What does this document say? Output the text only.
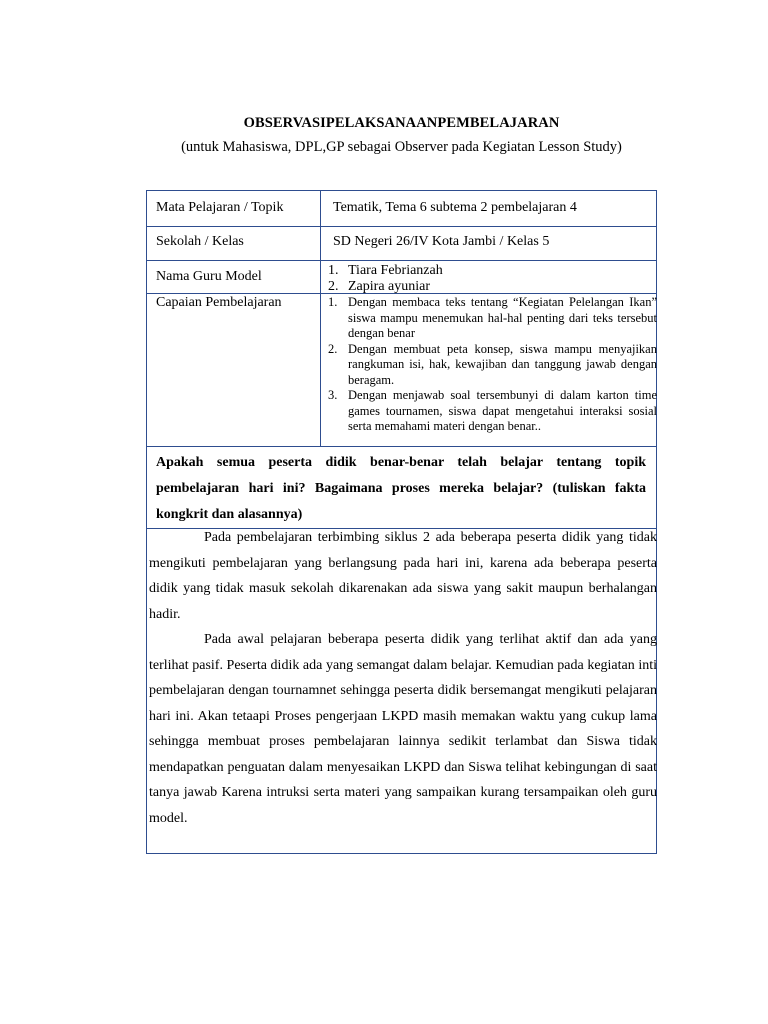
OBSERVASIPELAKSANAANPEMBELAJARAN
(untuk Mahasiswa, DPL,GP sebagai Observer pada Kegiatan Lesson Study)
Mata Pelajaran / Topik	Tematik, Tema 6 subtema 2 pembelajaran 4
Sekolah / Kelas	SD Negeri 26/IV Kota Jambi / Kelas 5
Nama Guru Model	1. Tiara Febrianzah
2. Zapira ayuniar
Capaian Pembelajaran	1. Dengan membaca teks tentang “Kegiatan Pelelangan Ikan” siswa mampu menemukan hal-hal penting dari teks tersebut dengan benar
2. Dengan membuat peta konsep, siswa mampu menyajikan rangkuman isi, hak, kewajiban dan tanggung jawab dengan beragam.
3. Dengan menjawab soal tersembunyi di dalam karton time games tournamen, siswa dapat mengetahui interaksi sosial serta memahami materi dengan benar..
Apakah semua peserta didik benar-benar telah belajar tentang topik pembelajaran hari ini? Bagaimana proses mereka belajar? (tuliskan fakta kongkrit dan alasannya)

Pada pembelajaran terbimbing siklus 2 ada beberapa peserta didik yang tidak mengikuti pembelajaran yang berlangsung pada hari ini, karena ada beberapa peserta didik yang tidak masuk sekolah dikarenakan ada siswa yang sakit maupun berhalangan hadir.

Pada awal pelajaran beberapa peserta didik yang terlihat aktif dan ada yang terlihat pasif. Peserta didik ada yang semangat dalam belajar. Kemudian pada kegiatan inti pembelajaran dengan tournamnet sehingga peserta didik bersemangat mengikuti pelajaran hari ini. Akan tetaapi Proses pengerjaan LKPD masih memakan waktu yang cukup lama sehingga membuat proses pembelajaran lainnya sedikit terlambat dan Siswa tidak mendapatkan penguatan dalam menyesaikan LKPD dan Siswa telihat kebingungan di saat tanya jawab Karena intruksi serta materi yang sampaikan kurang tersampaikan oleh guru model.
